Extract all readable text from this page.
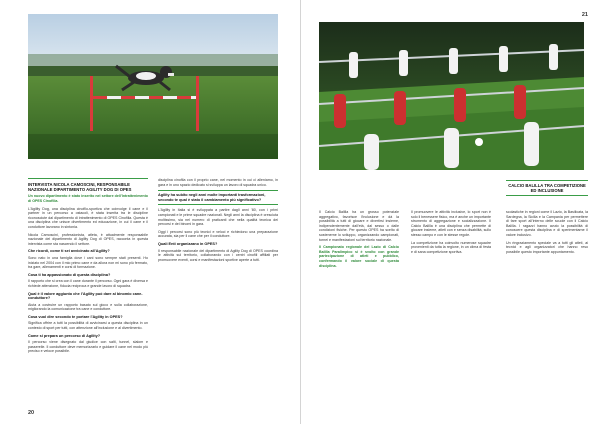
INTERVISTA NICOLA CAMOSCINI, RESPONSABILE NAZIONALE DIPARTIMENTO AGILITY DOG DI OPES

Un nuovo dipartimento è stato inserito nel settore dell’Intrattenimento di OPES Cinofilia.

L’Agility Dog, una disciplina cinofilo-sportiva che coinvolge il cane e il partner in un percorso a ostacoli, è stata inserita tra le discipline riconosciute dal dipartimento di intrattenimento di OPES Cinofilia. Questa è una disciplina che unisce divertimento ed educazione, in cui il cane e il conduttore lavorano in sintonia.

Nicola Camoscini, professionista, atleta, è attualmente responsabile nazionale del dipartimento di Agility Dog di OPES, racconta in questa intervista come sta nascendo il settore.

Che ricordi, come ti sei avvicinato all’Agility?

Sono nato in una famiglia dove i cani sono sempre stati presenti. Ho iniziato nel 2004 con il mio primo cane e da allora non mi sono più fermato, tra gare, allenamenti e corsi di formazione.

Cosa ti ha appassionato di questa disciplina?

Il rapporto che si crea con il cane durante il percorso. Ogni gara è diversa e richiede attenzione, fiducia reciproca e grande lavoro di squadra.

Qual è il valore aggiunto che l’Agility può dare al binomio cane-conduttore?

Aiuta a costruire un rapporto basato sul gioco e sulla collaborazione, migliorando la comunicazione tra cane e conduttore.

Cosa vuol dire secondo te portare l’Agility in OPES?

Significa offrire a tutti la possibilità di avvicinarsi a questa disciplina in un contesto di sport per tutti, con attenzione all’inclusione e al divertimento.

Come si prepara un percorso di Agility?

Il percorso viene disegnato dal giudice con salti, tunnel, slalom e passerelle. Il conduttore deve memorizzarlo e guidare il cane nel modo più preciso e veloce possibile.

disciplina cinofila con il proprio cane, nel momento in cui ci alleniamo, in gara e in uno spazio dedicato si sviluppa un lavoro di squadra unico.

Agility ha subito negli anni molte importanti trasformazioni, secondo te qual è stato il cambiamento più significativo?

L’Agility in Italia si è sviluppata a partire dagli anni ’80, con i primi campionati e le prime squadre nazionali. Negli anni la disciplina è cresciuta moltissimo, sia nel numero di praticanti che nella qualità tecnica dei percorsi e dei binomi in gara.

Oggi i percorsi sono più tecnici e veloci e richiedono una preparazione accurata, sia per il cane che per il conduttore.

Quali Enti organizzano in OPES?

Il responsabile nazionale del dipartimento di Agility Dog di OPES coordina le attività sul territorio, collaborando con i centri cinofili affiliati per promuovere eventi, corsi e manifestazioni sportive aperte a tutti.

20
21
CALCIO BALILLA TRA COMPETIZIONE ED INCLUSIONE

Il Calcio Balilla ha un grosso potenziale aggregativo, favorisce l’inclusione e dà la possibilità a tutti di giocare e divertirsi insieme, indipendentemente dall’età, dal sesso o dalle condizioni fisiche. Per questo OPES ha scelto di sostenerne lo sviluppo, organizzando campionati, tornei e manifestazioni sul territorio nazionale.

Il Campionato regionale del Lazio di Calcio Balilla Paralimpico si è svolto con grande partecipazione di atleti e pubblico, confermando il valore sociale di questa disciplina.

Il promuovere le attività inclusive, lo sport non è solo il benessere fisico, ma è anche un importante strumento di aggregazione e socializzazione. Il Calcio Balilla è una disciplina che permette di giocare insieme, atleti con e senza disabilità, sullo stesso campo e con le stesse regole.

La competizione ha coinvolto numerose squadre provenienti da tutta la regione, in un clima di festa e di sana competizione sportiva.

scolastiche in regioni come il Lazio, la Basilicata, la Sardegna, la Sicilia e la Campania per permettere di fare sport all’interno delle scuole con il Calcio Balilla. I ragazzi hanno avuto la possibilità di conoscere questa disciplina e di sperimentarne il valore inclusivo.

Un ringraziamento speciale va a tutti gli atleti, ai tecnici e agli organizzatori che hanno reso possibile questo importante appuntamento.
